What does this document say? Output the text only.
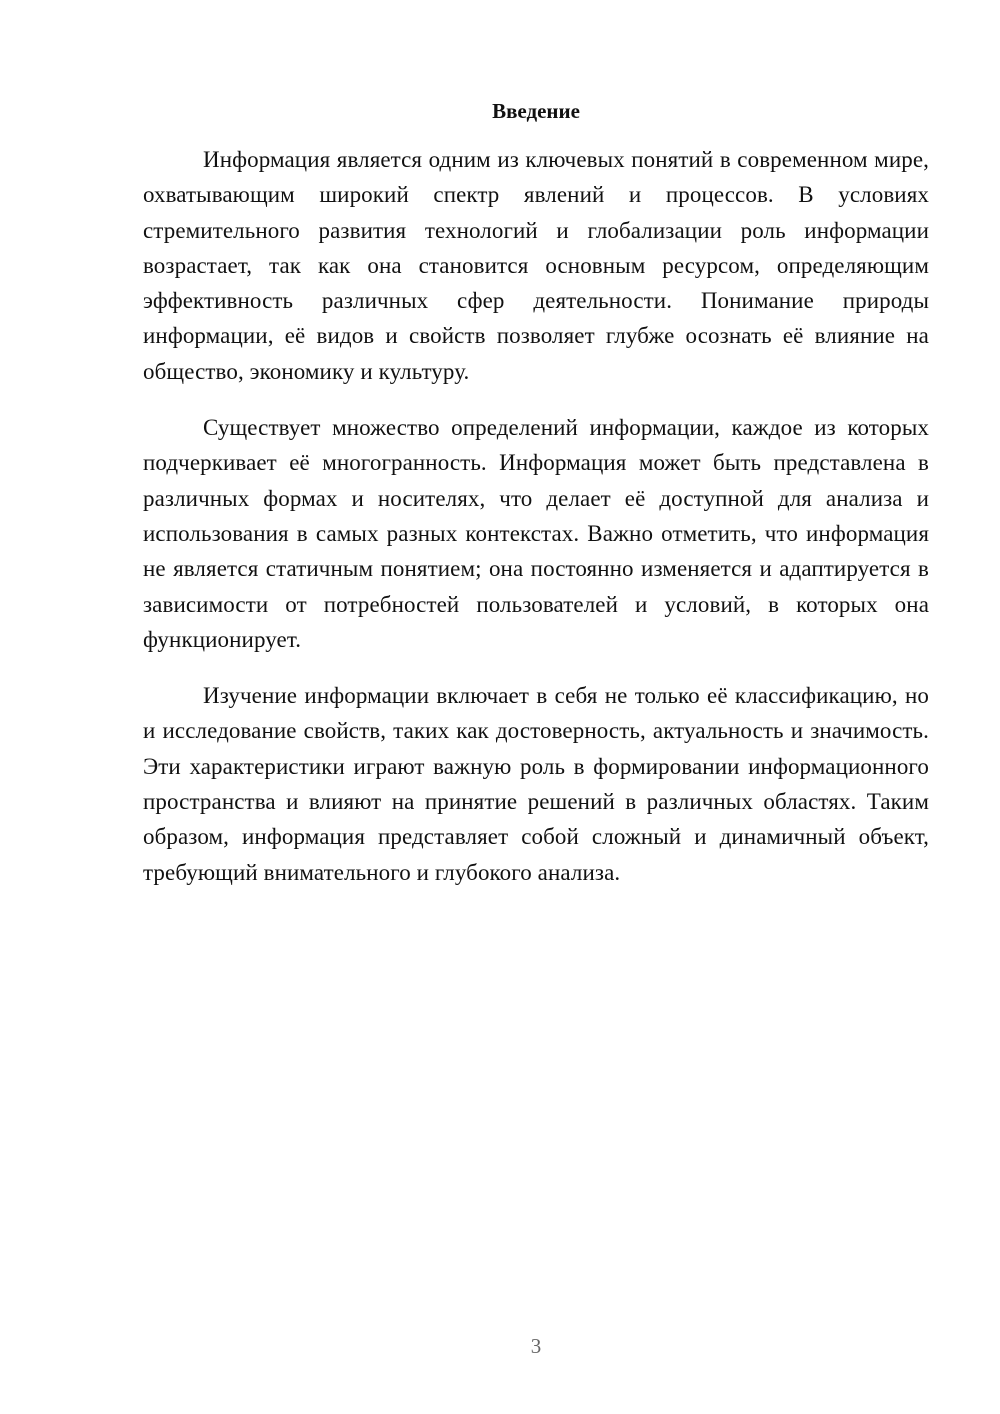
Введение

Информация является одним из ключевых понятий в современном мире, охватывающим широкий спектр явлений и процессов. В условиях стремительного развития технологий и глобализации роль информации возрастает, так как она становится основным ресурсом, определяющим эффективность различных сфер деятельности. Понимание природы информации, её видов и свойств позволяет глубже осознать её влияние на общество, экономику и культуру.

Существует множество определений информации, каждое из которых подчеркивает её многогранность. Информация может быть представлена в различных формах и носителях, что делает её доступной для анализа и использования в самых разных контекстах. Важно отметить, что информация не является статичным понятием; она постоянно изменяется и адаптируется в зависимости от потребностей пользователей и условий, в которых она функционирует.

Изучение информации включает в себя не только её классификацию, но и исследование свойств, таких как достоверность, актуальность и значимость. Эти характеристики играют важную роль в формировании информационного пространства и влияют на принятие решений в различных областях. Таким образом, информация представляет собой сложный и динамичный объект, требующий внимательного и глубокого анализа.

3
